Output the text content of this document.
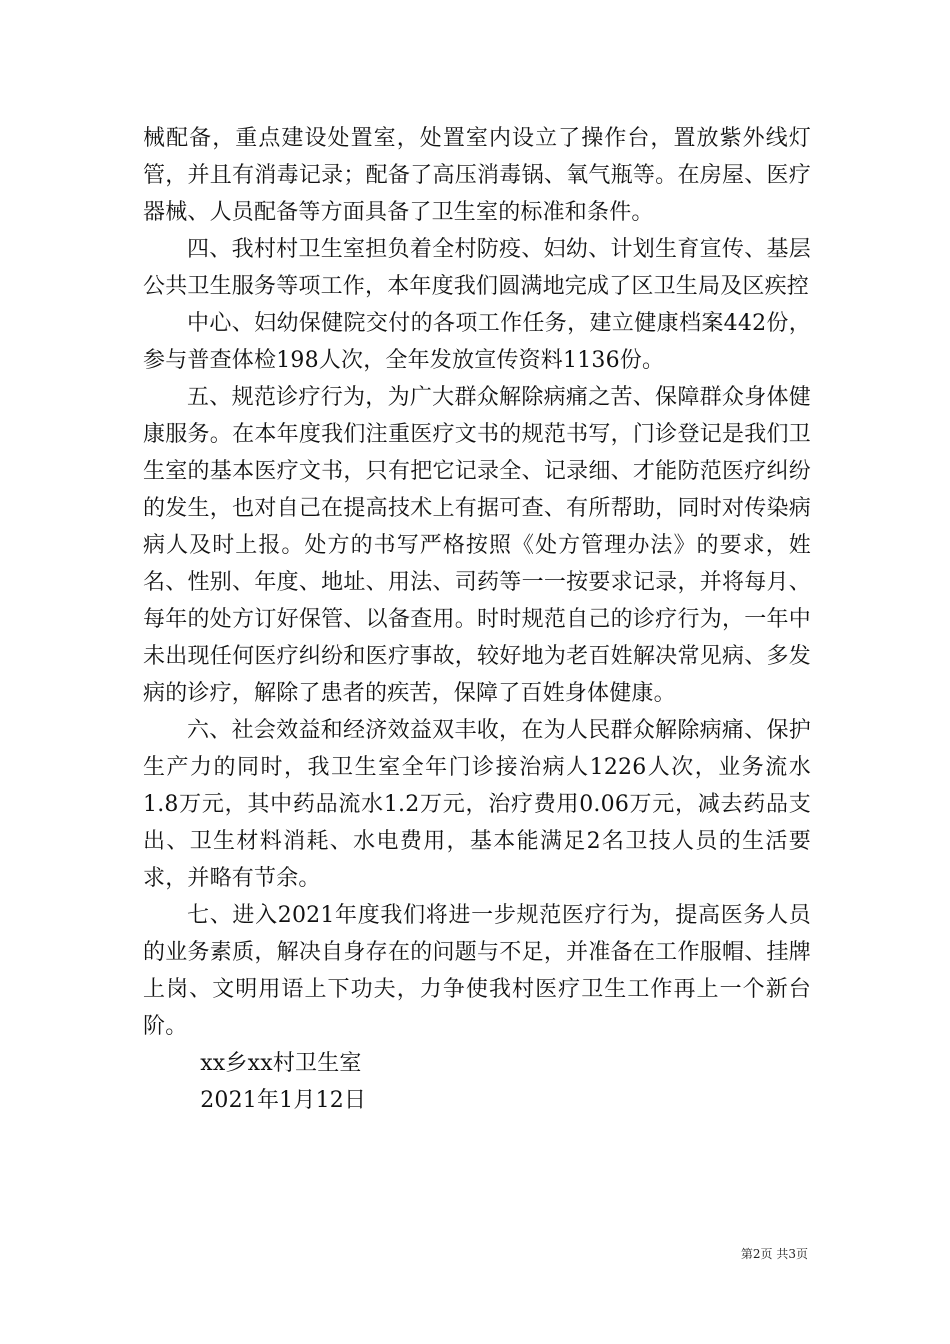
械配备，重点建设处置室，处置室内设立了操作台，置放紫外线灯管，并且有消毒记录；配备了高压消毒锅、氧气瓶等。在房屋、医疗器械、人员配备等方面具备了卫生室的标准和条件。

四、我村村卫生室担负着全村防疫、妇幼、计划生育宣传、基层公共卫生服务等项工作，本年度我们圆满地完成了区卫生局及区疾控

中心、妇幼保健院交付的各项工作任务，建立健康档案442份，参与普查体检198人次，全年发放宣传资料1136份。

五、规范诊疗行为，为广大群众解除病痛之苦、保障群众身体健康服务。在本年度我们注重医疗文书的规范书写，门诊登记是我们卫生室的基本医疗文书，只有把它记录全、记录细、才能防范医疗纠纷的发生，也对自己在提高技术上有据可查、有所帮助，同时对传染病病人及时上报。处方的书写严格按照《处方管理办法》的要求，姓名、性别、年度、地址、用法、司药等一一按要求记录，并将每月、每年的处方订好保管、以备查用。时时规范自己的诊疗行为，一年中未出现任何医疗纠纷和医疗事故，较好地为老百姓解决常见病、多发病的诊疗，解除了患者的疾苦，保障了百姓身体健康。

六、社会效益和经济效益双丰收，在为人民群众解除病痛、保护生产力的同时，我卫生室全年门诊接治病人1226人次，业务流水1.8万元，其中药品流水1.2万元，治疗费用0.06万元，减去药品支出、卫生材料消耗、水电费用，基本能满足2名卫技人员的生活要求，并略有节余。

七、进入2021年度我们将进一步规范医疗行为，提高医务人员的业务素质，解决自身存在的问题与不足，并准备在工作服帽、挂牌上岗、文明用语上下功夫，力争使我村医疗卫生工作再上一个新台阶。

xx乡xx村卫生室

2021年1月12日

第2页 共3页
